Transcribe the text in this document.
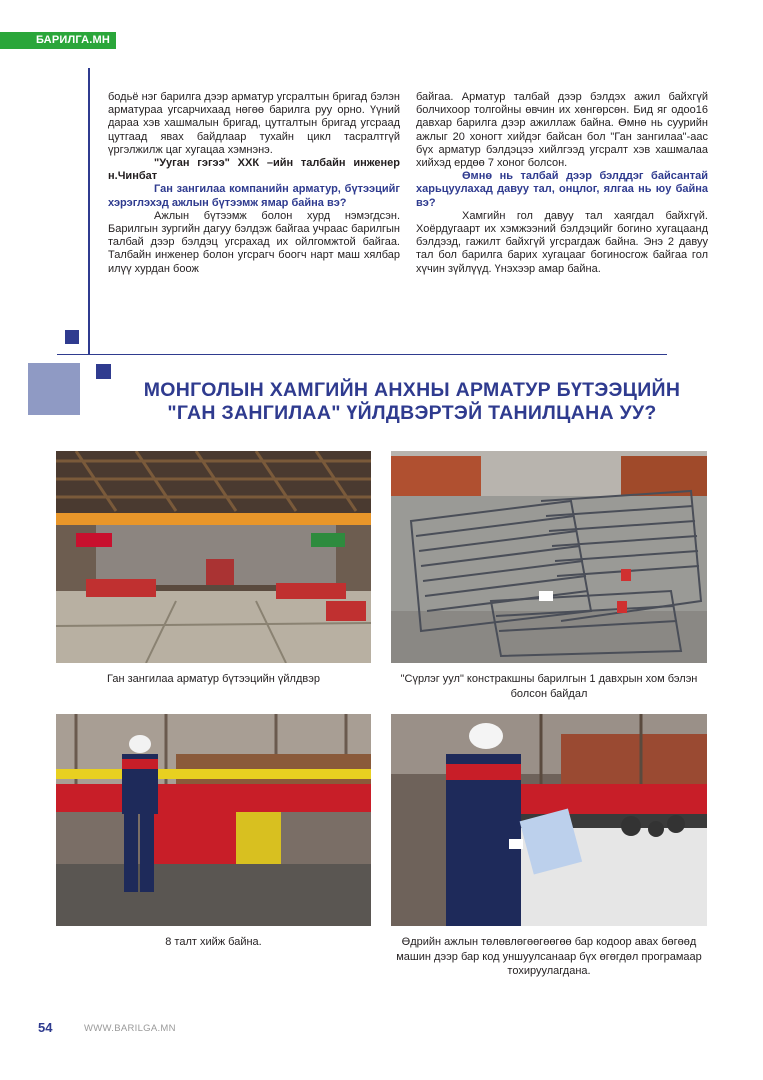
БАРИЛГА.МН

бодьё нэг барилга дээр арматур угсралтын бригад бэлэн арматураа угсарчихаад нөгөө барилга руу орно. Үүний дараа хэв хашмалын бригад, цутгалтын бригад угсраад цутгаад явах байдлаар тухайн цикл тасралтгүй үргэлжилж цаг хугацаа хэмнэнэ.

"Ууган гэгээ" ХХК –ийн талбайн инженер н.Чинбат

Ган зангилаа компанийн арматур, бүтээцийг хэрэглэхэд ажлын бүтээмж ямар байна вэ?

Ажлын бүтээмж болон хурд нэмэгдсэн. Барилгын зургийн дагуу бэлдэж байгаа учраас барилгын талбай дээр бэлдэц угсрахад их ойлгомжтой байгаа. Талбайн инженер болон угсрагч боогч нарт маш хялбар илүү хурдан боож

байгаа. Арматур талбай дээр бэлдэх ажил байхгүй болчихоор толгойны өвчин их хөнгөрсөн. Бид яг одоо16 давхар барилга дээр ажиллаж байна. Өмнө нь суурийн ажлыг 20 хоногт хийдэг байсан бол "Ган зангилаа"-аас бүх арматур бэлдэцээ хийлгээд угсралт хэв хашмалаа хийхэд ердөө 7 хоног болсон.

Өмнө нь талбай дээр бэлддэг байсантай харьцуулахад давуу тал, онцлог, ялгаа нь юу байна вэ?

Хамгийн гол давуу тал хаягдал байхгүй. Хоёрдугаарт их хэмжээний бэлдэцийг богино хугацаанд бэлдээд, гажилт байхгүй угсрагдаж байна. Энэ 2 давуу тал бол барилга барих хугацааг богиносгож байгаа гол хүчин зүйлүүд. Үнэхээр амар байна.

МОНГОЛЫН ХАМГИЙН АНХНЫ АРМАТУР БҮТЭЭЦИЙН
"ГАН ЗАНГИЛАА" ҮЙЛДВЭРТЭЙ ТАНИЛЦАНА УУ?
Ган зангилаа арматур бүтээцийн үйлдвэр	"Сүрлэг уул" констракшны барилгын 1 давхрын хом бэлэн болсон байдал
8 талт хийж байна.	Өдрийн ажлын төлөвлөгөөгөөгөө бар кодоор авах бөгөөд машин дээр бар код уншуулсанаар бүх өгөгдөл програмаар тохируулагдана.
54	WWW.BARILGA.MN
